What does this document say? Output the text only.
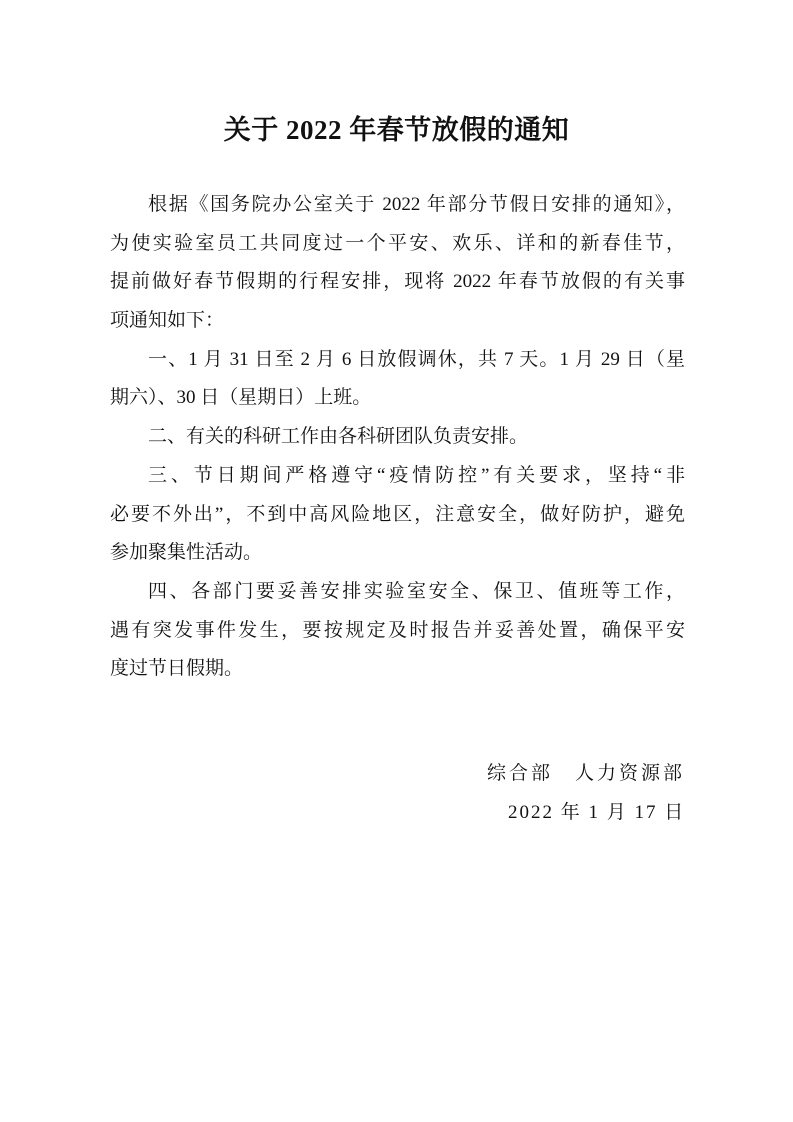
关于 2022 年春节放假的通知
根据《国务院办公室关于 2022 年部分节假日安排的通知》，
为使实验室员工共同度过一个平安、欢乐、详和的新春佳节，
提前做好春节假期的行程安排，现将 2022 年春节放假的有关事
项通知如下：
一、1 月 31 日至 2 月 6 日放假调休，共 7 天。1 月 29 日（星
期六）、30 日（星期日）上班。
二、有关的科研工作由各科研团队负责安排。
三、节日期间严格遵守“疫情防控”有关要求，坚持“非
必要不外出”，不到中高风险地区，注意安全，做好防护，避免
参加聚集性活动。
四、各部门要妥善安排实验室安全、保卫、值班等工作，
遇有突发事件发生，要按规定及时报告并妥善处置，确保平安
度过节日假期。
综合部　人力资源部
2022 年 1 月 17 日
